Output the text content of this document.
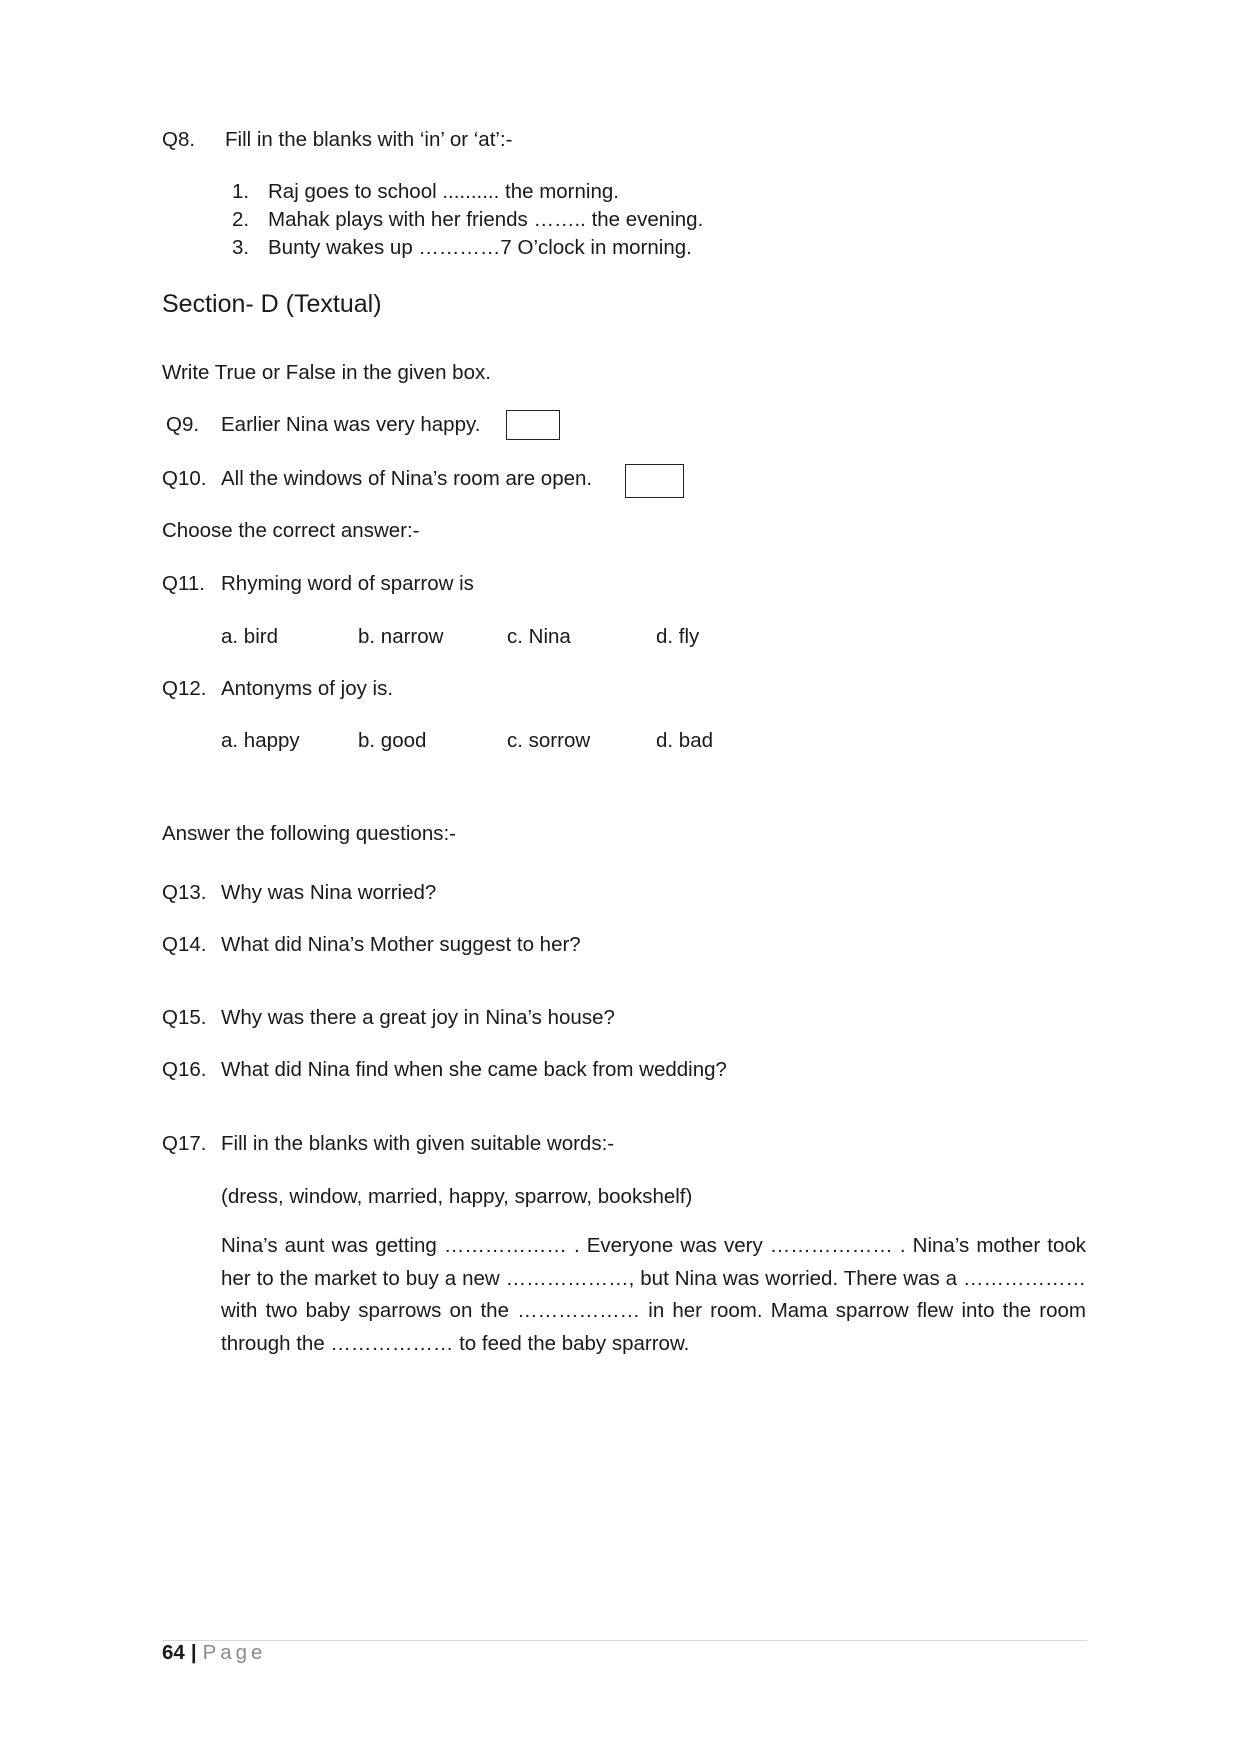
Q8. Fill in the blanks with ‘in’ or ‘at’:-
1. Raj goes to school .......... the morning.
2. Mahak plays with her friends …….. the evening.
3. Bunty wakes up …………7 O’clock in morning.
Section- D (Textual)
Write True or False in the given box.
Q9. Earlier Nina was very happy.
Q10. All the windows of Nina’s room are open.
Choose the correct answer:-
Q11. Rhyming word of sparrow is
a. bird	b. narrow	c. Nina	d. fly
Q12. Antonyms of joy is.
a. happy	b. good	c. sorrow	d. bad
Answer the following questions:-
Q13. Why was Nina worried?
Q14. What did Nina’s Mother suggest to her?
Q15. Why was there a great joy in Nina’s house?
Q16. What did Nina find when she came back from wedding?
Q17. Fill in the blanks with given suitable words:-
(dress, window, married, happy, sparrow, bookshelf)
Nina’s aunt was getting ……………… . Everyone was very ……………… . Nina’s mother took her to the market to buy a new ………………, but Nina was worried. There was a ……………… with two baby sparrows on the ……………… in her room. Mama sparrow flew into the room through the ……………… to feed the baby sparrow.
64 | Page
